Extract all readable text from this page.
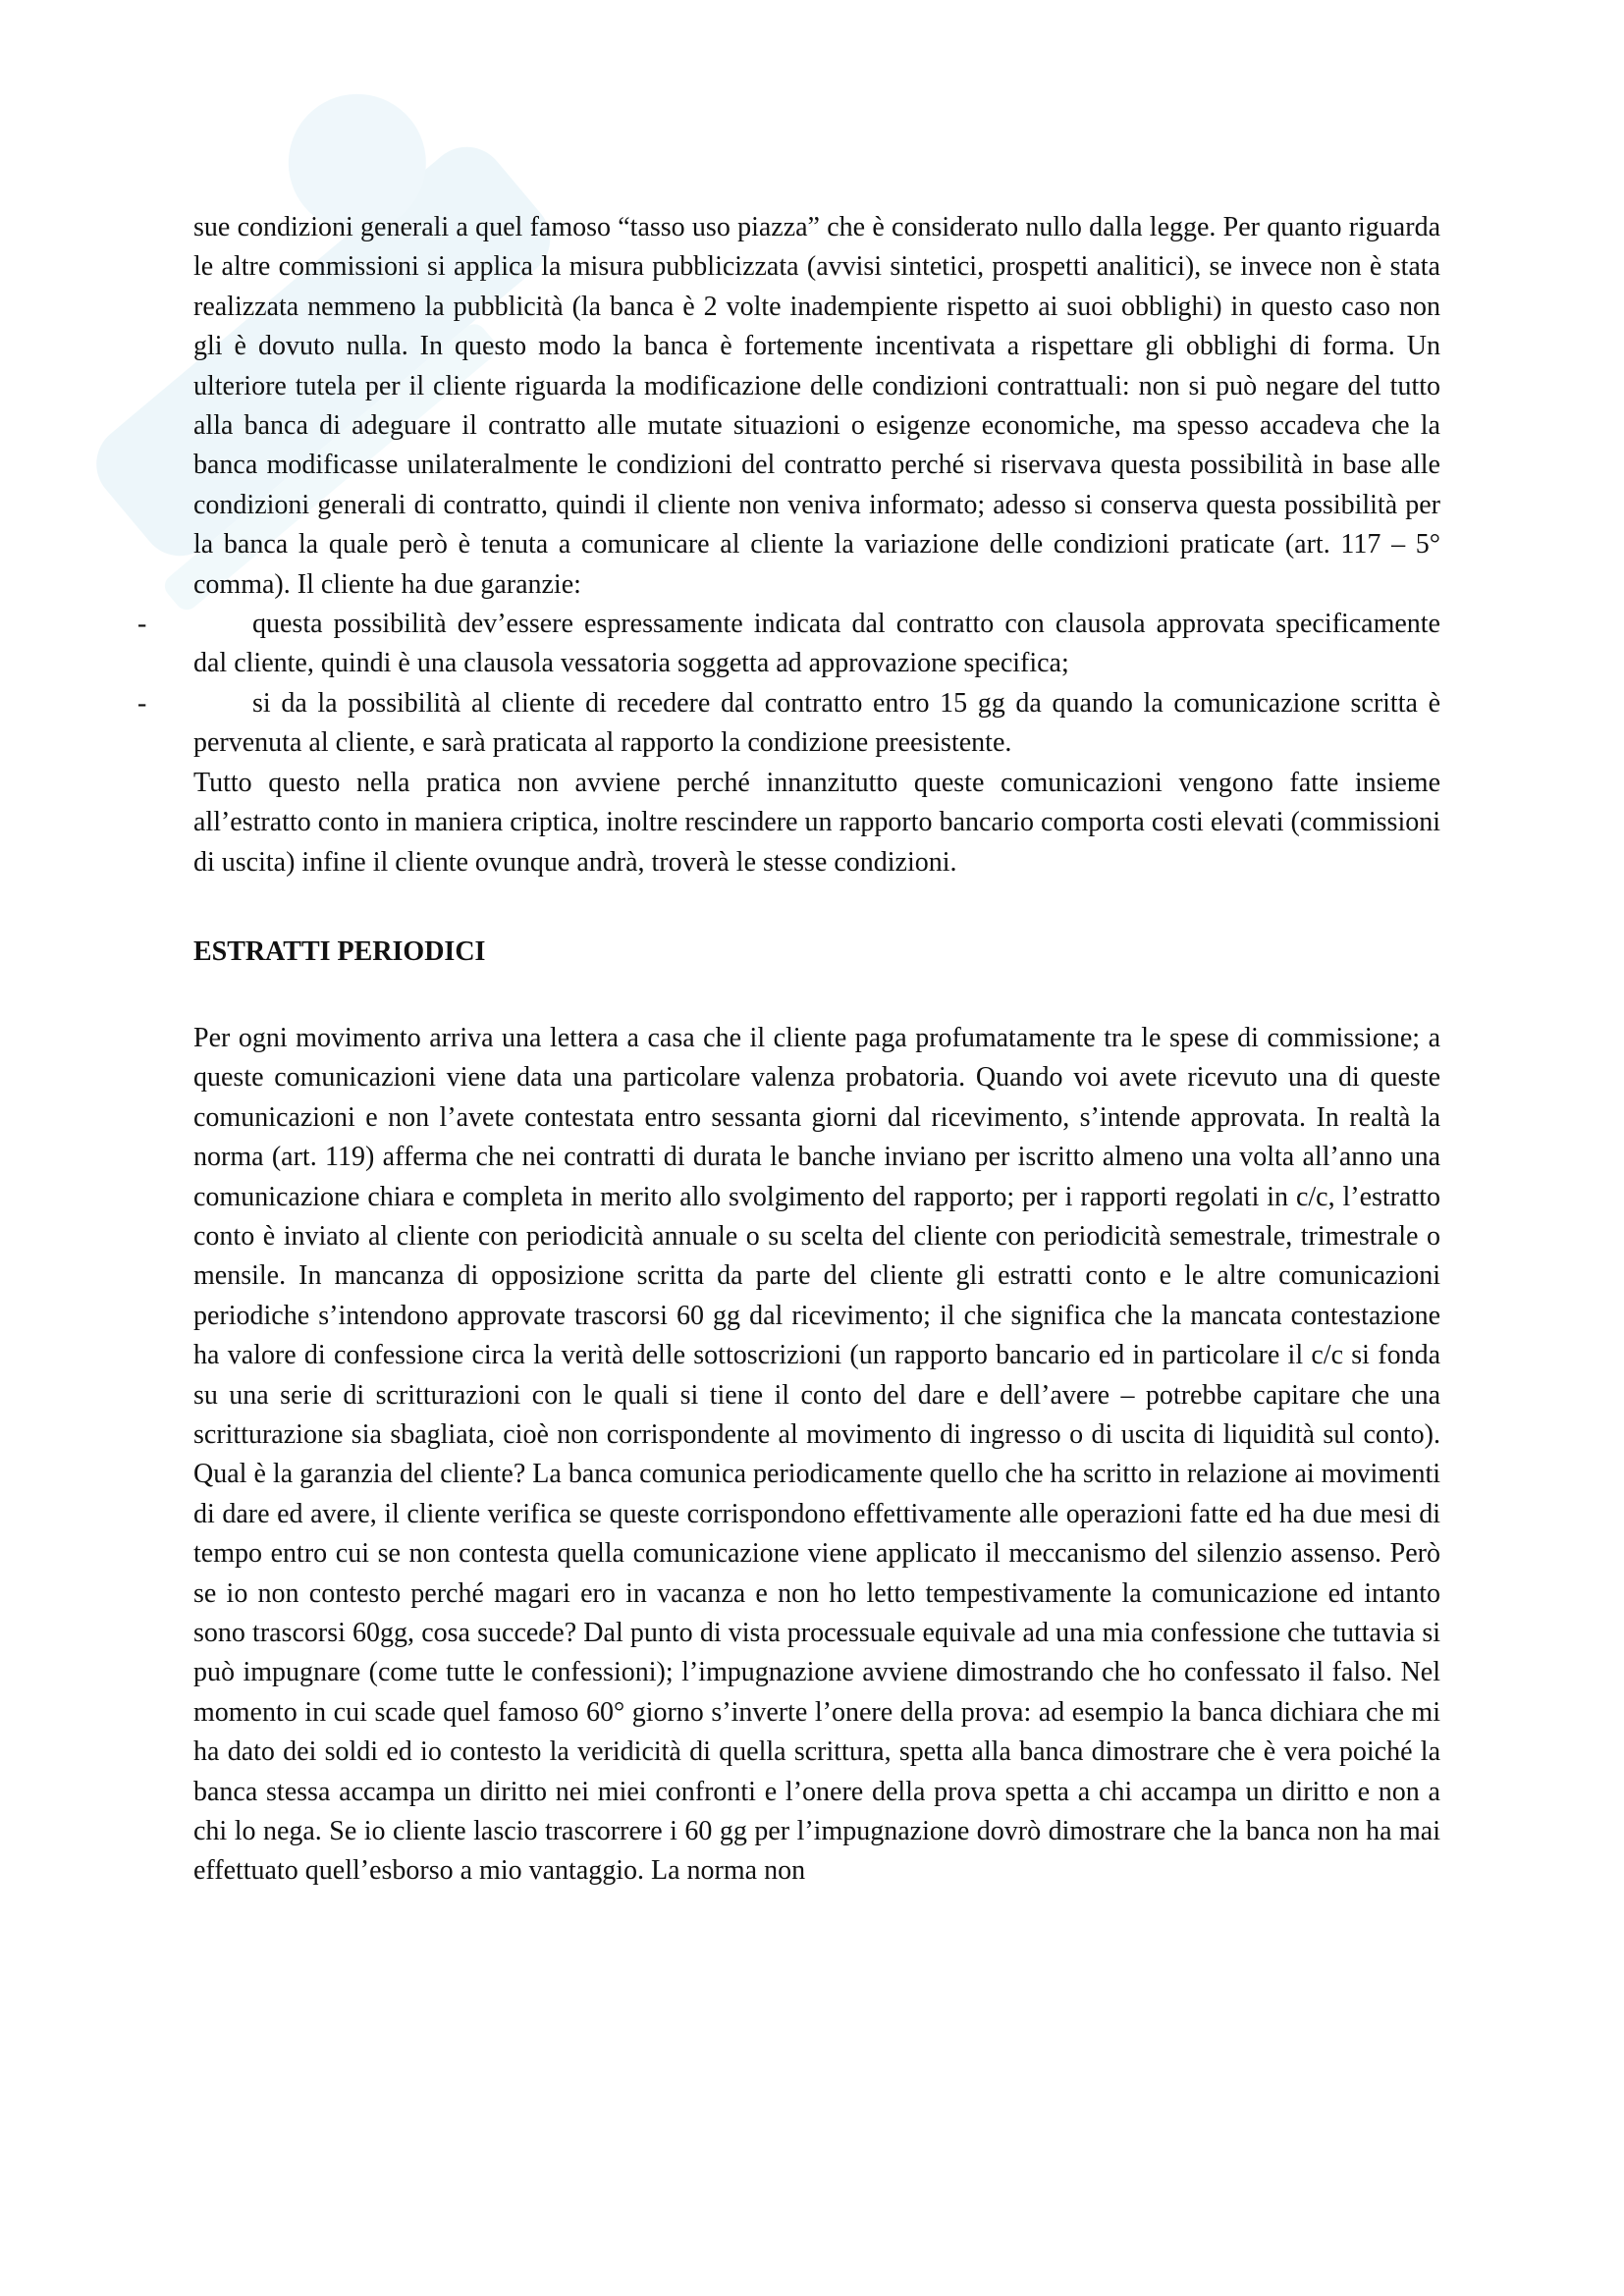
sue condizioni generali a quel famoso “tasso uso piazza” che è considerato nullo dalla legge. Per quanto riguarda le altre commissioni si applica la misura pubblicizzata (avvisi sintetici, prospetti analitici), se invece non è stata realizzata nemmeno la pubblicità (la banca è 2 volte inadempiente rispetto ai suoi obblighi) in questo caso non gli è dovuto nulla. In questo modo la banca è fortemente incentivata a rispettare gli obblighi di forma. Un ulteriore tutela per il cliente riguarda la modificazione delle condizioni contrattuali: non si può negare del tutto alla banca di adeguare il contratto alle mutate situazioni o esigenze economiche, ma spesso accadeva che la banca modificasse unilateralmente le condizioni del contratto perché si riservava questa possibilità in base alle condizioni generali di contratto, quindi il cliente non veniva informato; adesso si conserva questa possibilità per la banca la quale però è tenuta a comunicare al cliente la variazione delle condizioni praticate (art. 117 – 5° comma). Il cliente ha due garanzie:

-	questa possibilità dev’essere espressamente indicata dal contratto con clausola approvata specificamente dal cliente, quindi è una clausola vessatoria soggetta ad approvazione specifica;
-	si da la possibilità al cliente di recedere dal contratto entro 15 gg da quando la comunicazione scritta è pervenuta al cliente, e sarà praticata al rapporto la condizione preesistente.

Tutto questo nella pratica non avviene perché innanzitutto queste comunicazioni vengono fatte insieme all’estratto conto in maniera criptica, inoltre rescindere un rapporto bancario comporta costi elevati (commissioni di uscita) infine il cliente ovunque andrà, troverà le stesse condizioni.

ESTRATTI PERIODICI

Per ogni movimento arriva una lettera a casa che il cliente paga profumatamente tra le spese di commissione; a queste comunicazioni viene data una particolare valenza probatoria. Quando voi avete ricevuto una di queste comunicazioni e non l’avete contestata entro sessanta giorni dal ricevimento, s’intende approvata. In realtà la norma (art. 119) afferma che nei contratti di durata le banche inviano per iscritto almeno una volta all’anno una comunicazione chiara e completa in merito allo svolgimento del rapporto; per i rapporti regolati in c/c, l’estratto conto è inviato al cliente con periodicità annuale o su scelta del cliente con periodicità semestrale, trimestrale o mensile. In mancanza di opposizione scritta da parte del cliente gli estratti conto e le altre comunicazioni periodiche s’intendono approvate trascorsi 60 gg dal ricevimento; il che significa che la mancata contestazione ha valore di confessione circa la verità delle sottoscrizioni (un rapporto bancario ed in particolare il c/c si fonda su una serie di scritturazioni con le quali si tiene il conto del dare e dell’avere – potrebbe capitare che una scritturazione sia sbagliata, cioè non corrispondente al movimento di ingresso o di uscita di liquidità sul conto). Qual è la garanzia del cliente? La banca comunica periodicamente quello che ha scritto in relazione ai movimenti di dare ed avere, il cliente verifica se queste corrispondono effettivamente alle operazioni fatte ed ha due mesi di tempo entro cui se non contesta quella comunicazione viene applicato il meccanismo del silenzio assenso. Però se io non contesto perché magari ero in vacanza e non ho letto tempestivamente la comunicazione ed intanto sono trascorsi 60gg, cosa succede? Dal punto di vista processuale equivale ad una mia confessione che tuttavia si può impugnare (come tutte le confessioni); l’impugnazione avviene dimostrando che ho confessato il falso. Nel momento in cui scade quel famoso 60° giorno s’inverte l’onere della prova: ad esempio la banca dichiara che mi ha dato dei soldi ed io contesto la veridicità di quella scrittura, spetta alla banca dimostrare che è vera poiché la banca stessa accampa un diritto nei miei confronti e l’onere della prova spetta a chi accampa un diritto e non a chi lo nega. Se io cliente lascio trascorrere i 60 gg per l’impugnazione dovrò dimostrare che la banca non ha mai effettuato quell’esborso a mio vantaggio. La norma non
